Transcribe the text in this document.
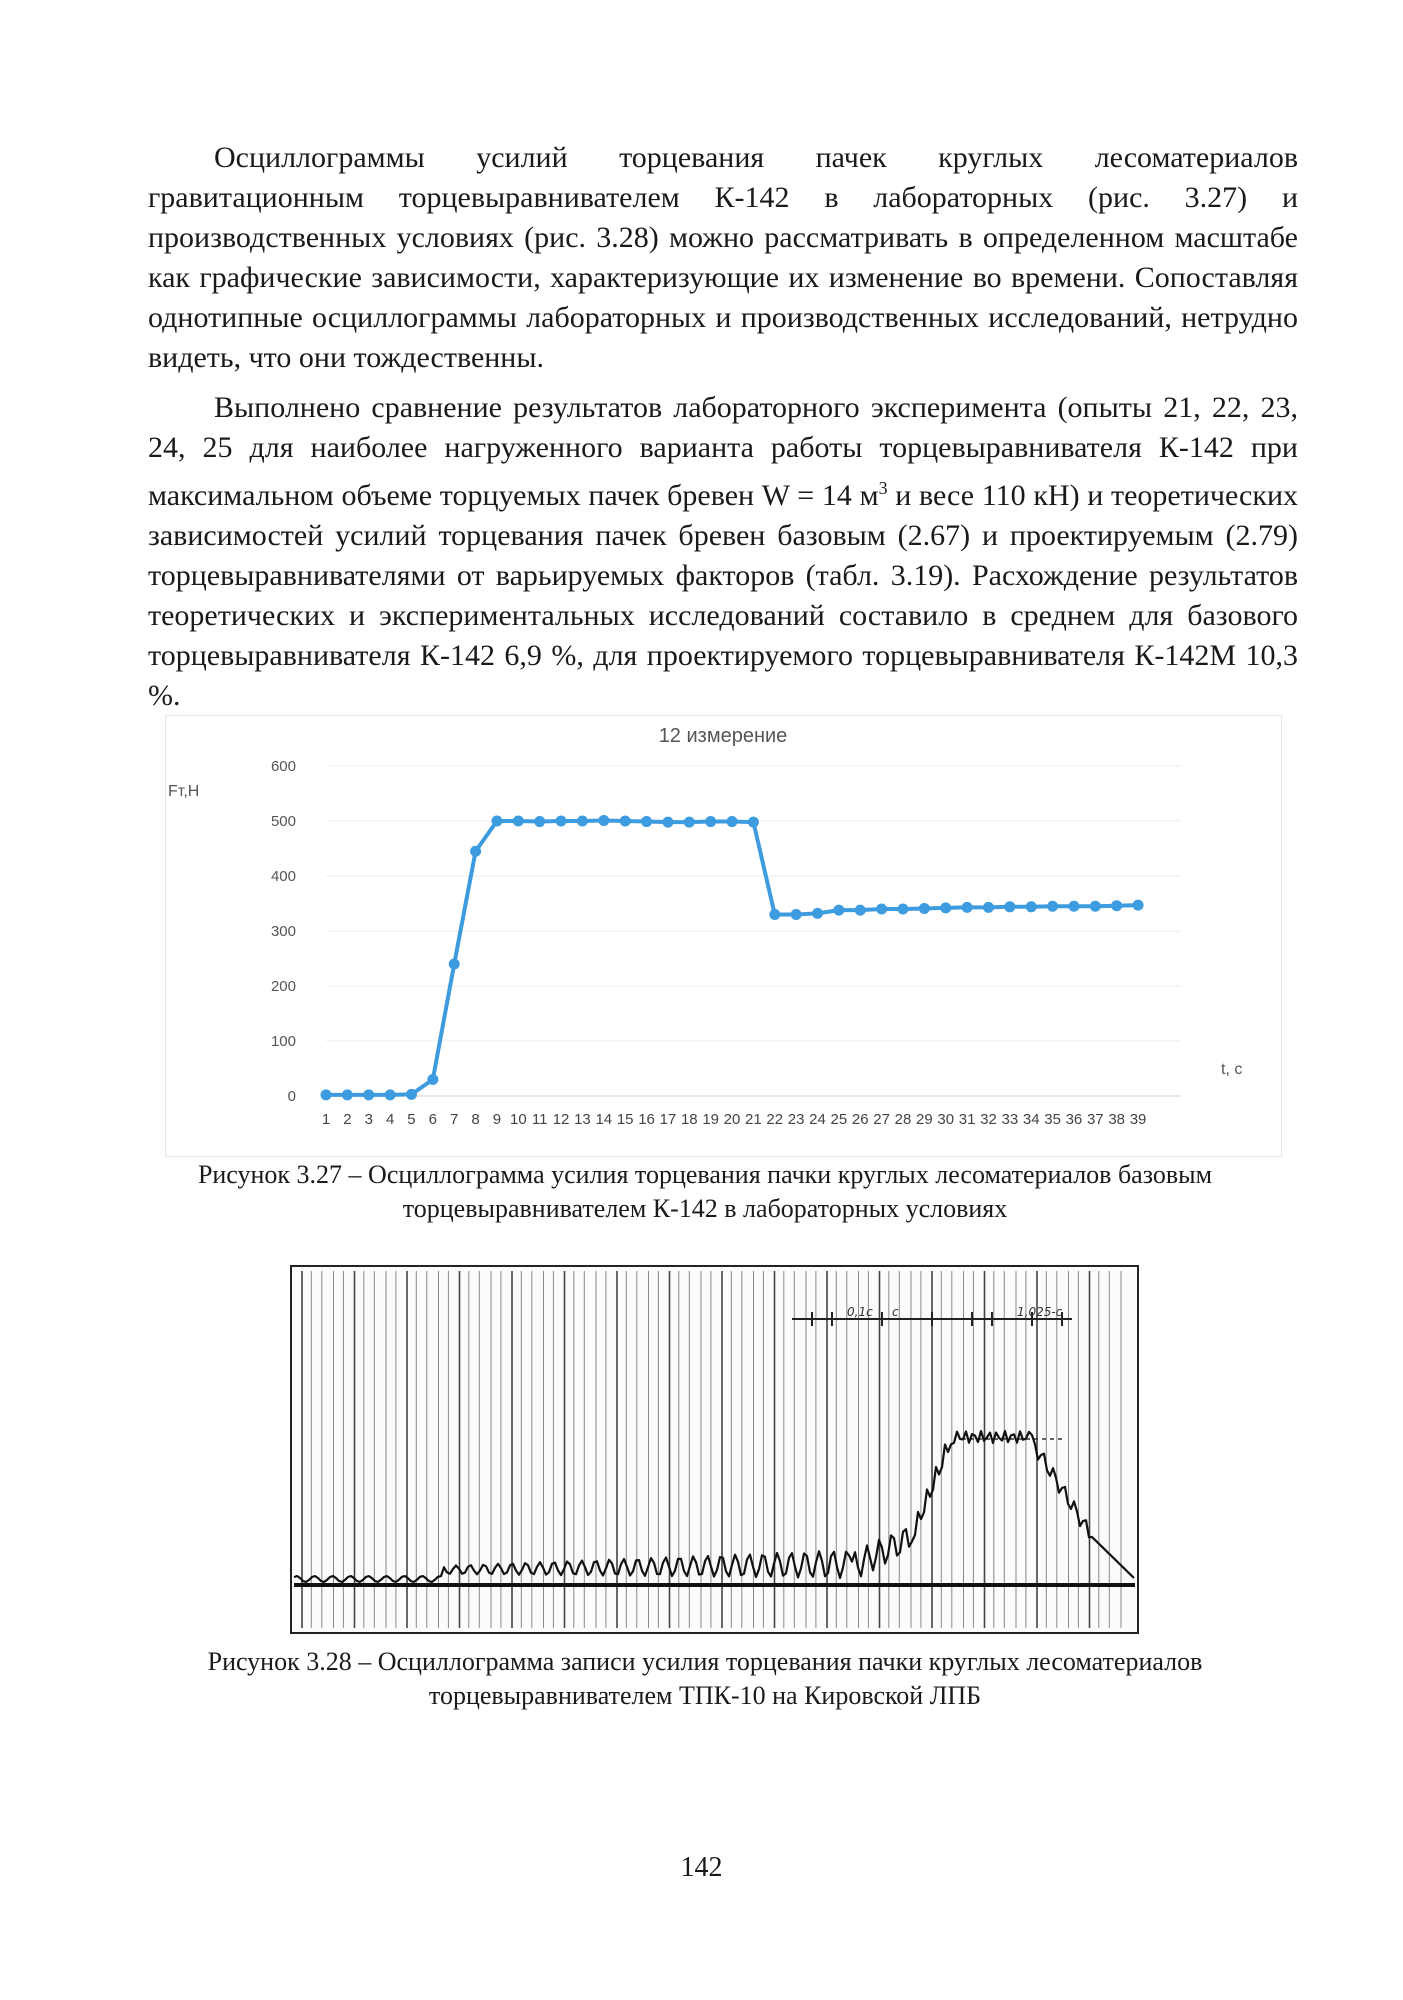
Осциллограммы усилий торцевания пачек круглых лесоматериалов гравитационным торцевыравнивателем К-142 в лабораторных (рис. 3.27) и производственных условиях (рис. 3.28) можно рассматривать в определенном масштабе как графические зависимости, характеризующие их изменение во времени. Сопоставляя однотипные осциллограммы лабораторных и производственных исследований, нетрудно видеть, что они тождественны.

Выполнено сравнение результатов лабораторного эксперимента (опыты 21, 22, 23, 24, 25 для наиболее нагруженного варианта работы торцевыравнивателя К-142 при максимальном объеме торцуемых пачек бревен W = 14 $м^3$ и весе 110 кН) и теоретических зависимостей усилий торцевания пачек бревен базовым (2.67) и проектируемым (2.79) торцевыравнивателями от варьируемых факторов (табл. 3.19). Расхождение результатов теоретических и экспериментальных исследований составило в среднем для базового торцевыравнивателя К-142 6,9 %, для проектируемого торцевыравнивателя К-142М 10,3 %.

12 измерение
Fт,Н
t, c
0
100
200
300
400
500
600
1 2 3 4 5 6 7 8 9 10 11 12 13 14 15 16 17 18 19 20 21 22 23 24 25 26 27 28 29 30 31 32 33 34 35 36 37 38 39
Рисунок 3.27 – Осциллограмма усилия торцевания пачки круглых лесоматериалов базовым
торцевыравнивателем К-142 в лабораторных условиях
0,1с с	1,025-с
Рисунок 3.28 – Осциллограмма записи усилия торцевания пачки круглых лесоматериалов
торцевыравнивателем ТПК-10 на Кировской ЛПБ
142
